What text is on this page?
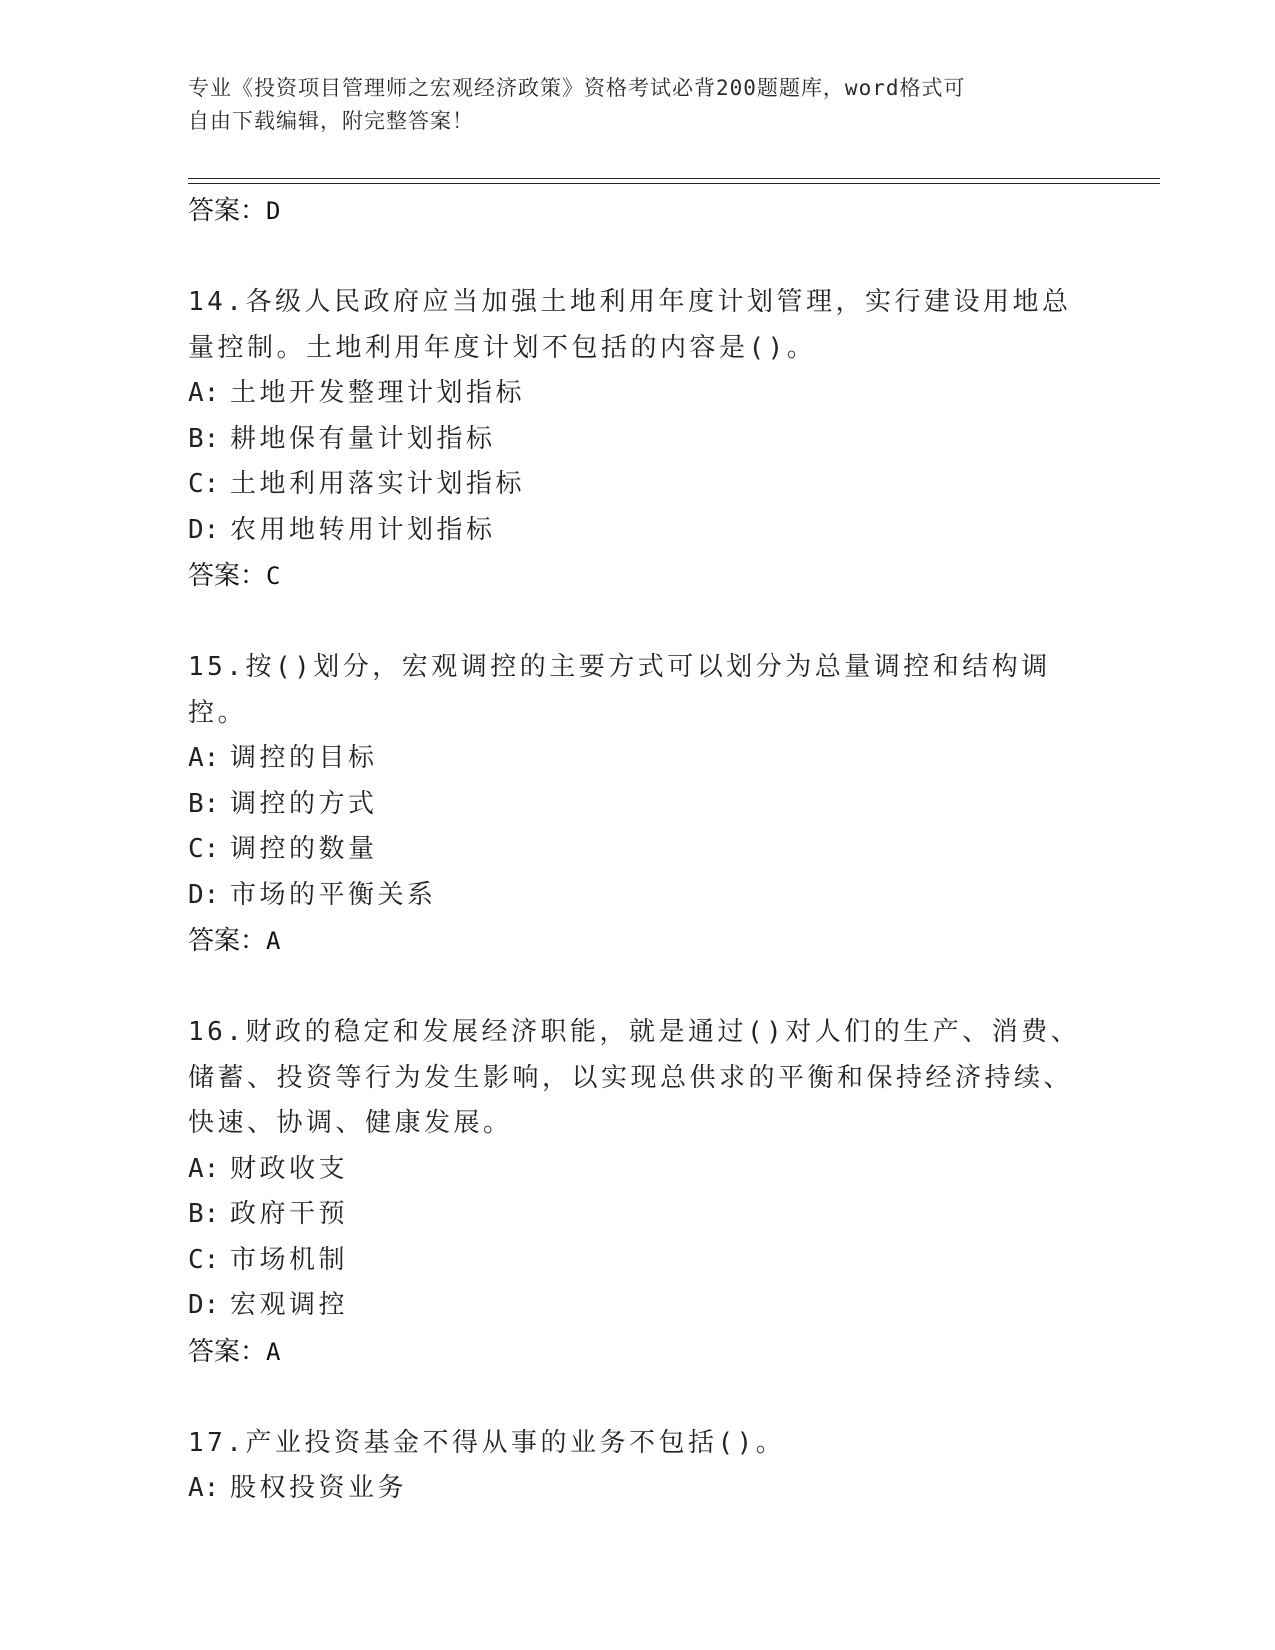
专业《投资项目管理师之宏观经济政策》资格考试必背200题题库，word格式可
自由下载编辑，附完整答案！
答案：D
14.各级人民政府应当加强土地利用年度计划管理，实行建设用地总量控制。土地利用年度计划不包括的内容是()。
A: 土地开发整理计划指标
B: 耕地保有量计划指标
C: 土地利用落实计划指标
D: 农用地转用计划指标
答案：C
15.按()划分，宏观调控的主要方式可以划分为总量调控和结构调控。
A: 调控的目标
B: 调控的方式
C: 调控的数量
D: 市场的平衡关系
答案：A
16.财政的稳定和发展经济职能，就是通过()对人们的生产、消费、储蓄、投资等行为发生影响，以实现总供求的平衡和保持经济持续、快速、协调、健康发展。
A: 财政收支
B: 政府干预
C: 市场机制
D: 宏观调控
答案：A
17.产业投资基金不得从事的业务不包括()。
A: 股权投资业务
